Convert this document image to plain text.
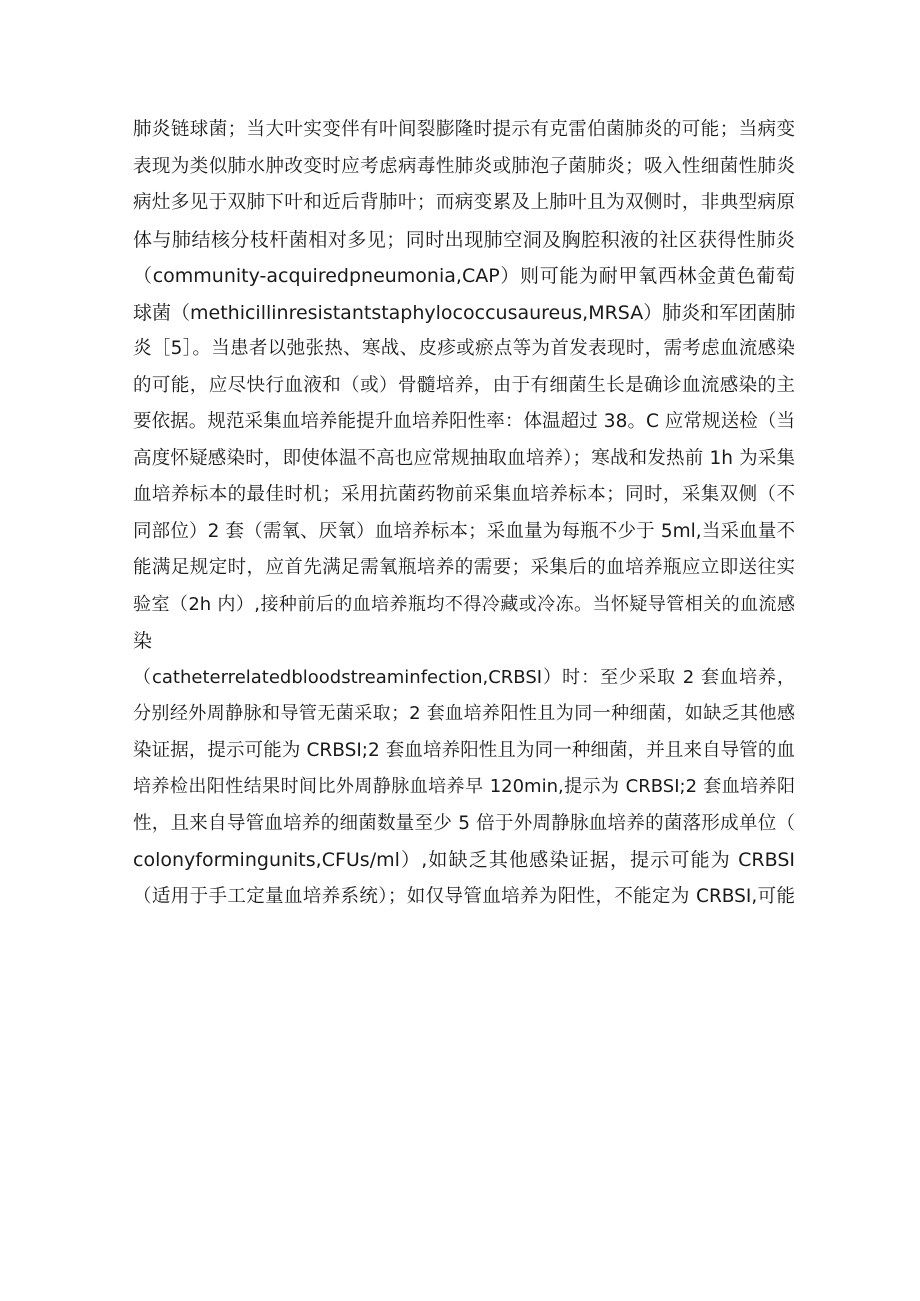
肺炎链球菌；当大叶实变伴有叶间裂膨隆时提示有克雷伯菌肺炎的可能；当病变
表现为类似肺水肿改变时应考虑病毒性肺炎或肺泡子菌肺炎；吸入性细菌性肺炎
病灶多见于双肺下叶和近后背肺叶；而病变累及上肺叶且为双侧时，非典型病原
体与肺结核分枝杆菌相对多见；同时出现肺空洞及胸腔积液的社区获得性肺炎
（community-acquiredpneumonia,CAP）则可能为耐甲氧西林金黄色葡萄
球菌（methicillinresistantstaphylococcusaureus,MRSA）肺炎和军团菌肺
炎［5］。当患者以弛张热、寒战、皮疹或瘀点等为首发表现时，需考虑血流感染
的可能，应尽快行血液和（或）骨髓培养，由于有细菌生长是确诊血流感染的主
要依据。规范采集血培养能提升血培养阳性率：体温超过 38。C 应常规送检（当
高度怀疑感染时，即使体温不高也应常规抽取血培养）；寒战和发热前 1h 为采集
血培养标本的最佳时机；采用抗菌药物前采集血培养标本；同时，采集双侧（不
同部位）2 套（需氧、厌氧）血培养标本；采血量为每瓶不少于 5ml,当采血量不
能满足规定时，应首先满足需氧瓶培养的需要；采集后的血培养瓶应立即送往实
验室（2h 内）,接种前后的血培养瓶均不得冷藏或冷冻。当怀疑导管相关的血流感
染
（catheterrelatedbloodstreaminfection,CRBSI）时：至少采取 2 套血培养，
分别经外周静脉和导管无菌采取；2 套血培养阳性且为同一种细菌，如缺乏其他感
染证据，提示可能为 CRBSI;2 套血培养阳性且为同一种细菌，并且来自导管的血
培养检出阳性结果时间比外周静脉血培养早 120min,提示为 CRBSI;2 套血培养阳
性，且来自导管血培养的细菌数量至少 5 倍于外周静脉血培养的菌落形成单位（
colonyformingunits,CFUs/ml）,如缺乏其他感染证据，提示可能为 CRBSI
（适用于手工定量血培养系统）；如仅导管血培养为阳性，不能定为 CRBSI,可能
